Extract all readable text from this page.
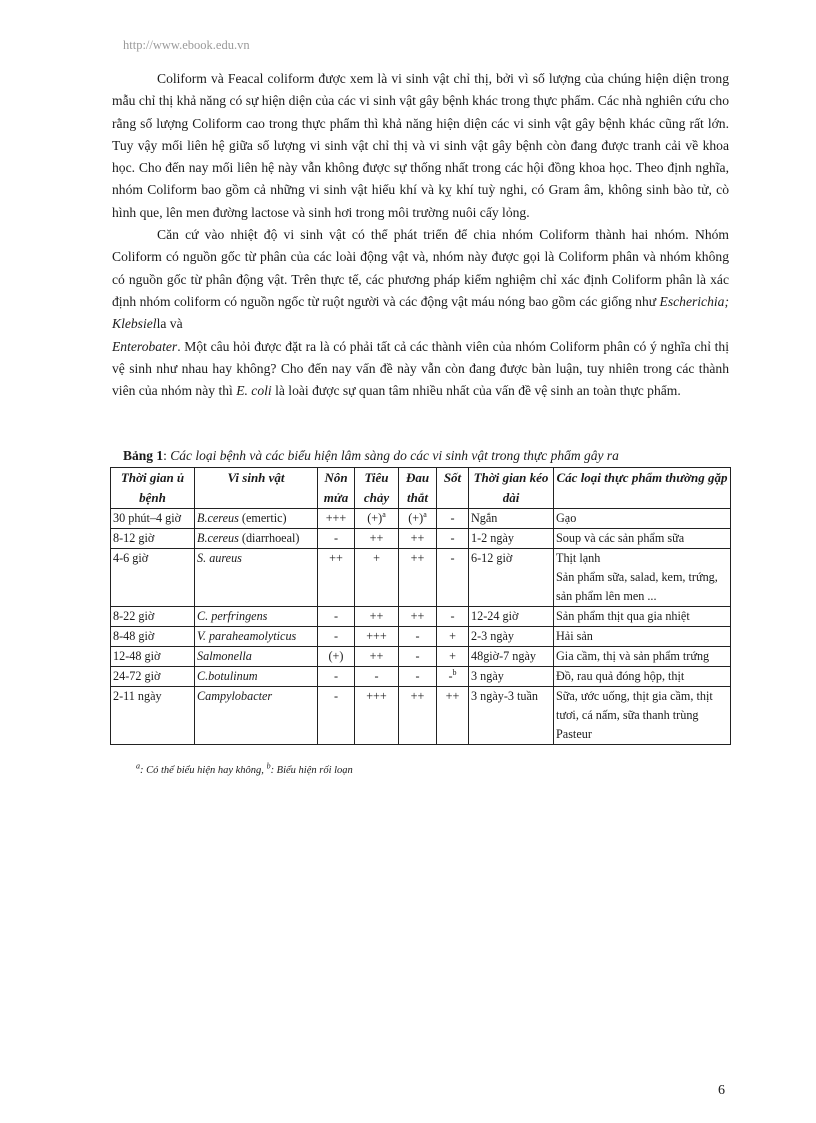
http://www.ebook.edu.vn

Coliform và Feacal coliform được xem là vi sinh vật chỉ thị, bởi vì số lượng của chúng hiện diện trong mẫu chỉ thị khả năng có sự hiện diện của các vi sinh vật gây bệnh khác trong thực phẩm. Các nhà nghiên cứu cho rằng số lượng Coliform cao trong thực phẩm thì khả năng hiện diện các vi sinh vật gây bệnh khác cũng rất lớn. Tuy vậy mối liên hệ giữa số lượng vi sinh vật chỉ thị và vi sinh vật gây bệnh còn đang được tranh cải về khoa học. Cho đến nay mối liên hệ này vẫn không được sự thống nhất trong các hội đồng khoa học. Theo định nghĩa, nhóm Coliform bao gồm cả những vi sinh vật hiếu khí và kỵ khí tuỳ nghi, có Gram âm, không sinh bào tử, cò hình que, lên men đường lactose và sinh hơi trong môi trường nuôi cấy lỏng.

Căn cứ vào nhiệt độ vi sinh vật có thể phát triển để chia nhóm Coliform thành hai nhóm. Nhóm Coliform có nguồn gốc từ phân của các loài động vật và, nhóm này được gọi là Coliform phân và nhóm không có nguồn gốc từ phân động vật. Trên thực tế, các phương pháp kiểm nghiệm chỉ xác định Coliform phân là xác định nhóm coliform có nguồn ngốc từ ruột người và các động vật máu nóng bao gồm các giống như Escherichia; Klebsiella và
Enterobater. Một câu hỏi được đặt ra là có phải tất cả các thành viên của nhóm Coliform phân có ý nghĩa chỉ thị vệ sinh như nhau hay không? Cho đến nay vấn đề này vẫn còn đang được bàn luận, tuy nhiên trong các thành viên của nhóm này thì E. coli là loài được sự quan tâm nhiều nhất của vấn đề vệ sinh an toàn thực phẩm.

Bảng 1: Các loại bệnh và các biểu hiện lâm sàng do các vi sinh vật trong thực phẩm gây ra
Thời gian ủ bệnh	Vi sinh vật	Nôn mửa	Tiêu chảy	Đau thắt	Sốt	Thời gian kéo dài	Các loại thực phẩm thường gặp
30 phút–4 giờ	B.cereus (emertic)	+++	$(+)^a$	$(+)^a$	-	Ngắn	Gạo
8-12 giờ	B.cereus (diarrhoeal)	-	++	++	-	1-2 ngày	Soup và các sản phẩm sữa
4-6 giờ	S. aureus	++	+	++	-	6-12 giờ	Thịt lạnh
Sản phẩm sữa, salad, kem, trứng, sản phẩm lên men ...
8-22 giờ	C. perfringens	-	++	++	-	12-24 giờ	Sản phẩm thịt qua gia nhiệt
8-48 giờ	V. paraheamolyticus	-	+++	-	+	2-3 ngày	Hải sản
12-48 giờ	Salmonella	(+)	++	-	+	48giờ-7 ngày	Gia cầm, thị và sản phẩm trứng
24-72 giờ	C.botulinum	-	-	-	-$^b$	3 ngày	Đồ, rau quả đóng hộp, thịt
2-11 ngày	Campylobacter	-	+++	++	++	3 ngày-3 tuần	Sữa, ước uống, thịt gia cầm, thịt tươi, cá nấm, sữa thanh trùng Pasteur
$^a$: Có thể biểu hiện hay không, $^b$: Biểu hiện rối loạn
6
